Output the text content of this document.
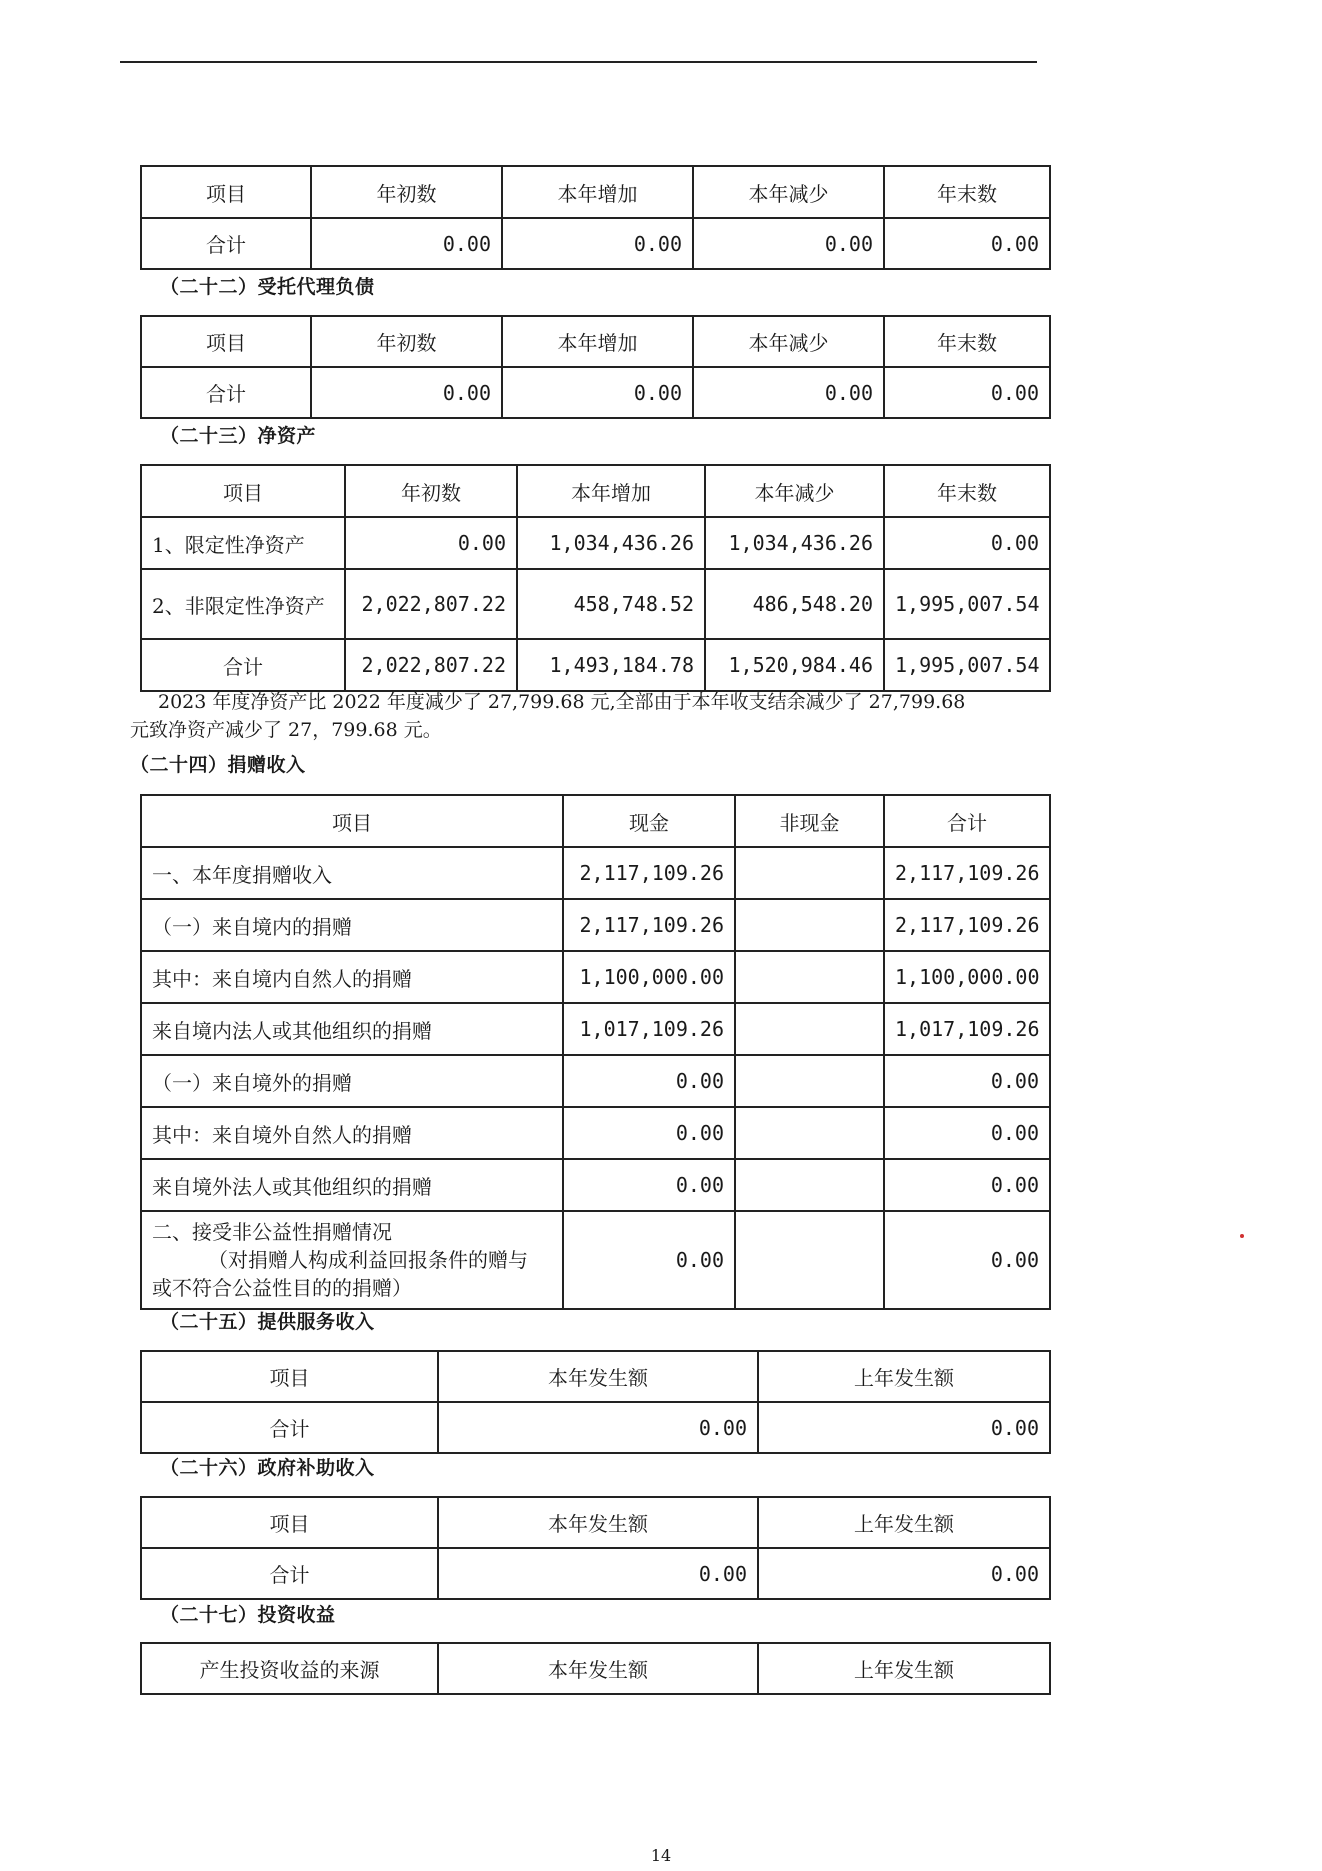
项目	年初数	本年增加	本年减少	年末数
合计	0.00	0.00	0.00	0.00
（二十二）受托代理负债
项目	年初数	本年增加	本年减少	年末数
合计	0.00	0.00	0.00	0.00
（二十三）净资产
项目	年初数	本年增加	本年减少	年末数
1、限定性净资产	0.00	1,034,436.26	1,034,436.26	0.00
2、非限定性净资产	2,022,807.22	458,748.52	486,548.20	1,995,007.54
合计	2,022,807.22	1,493,184.78	1,520,984.46	1,995,007.54
2023 年度净资产比 2022 年度减少了 27,799.68 元,全部由于本年收支结余减少了 27,799.68
元致净资产减少了 27，799.68 元。
（二十四）捐赠收入
项目	现金	非现金	合计
一、本年度捐赠收入	2,117,109.26		2,117,109.26
（一）来自境内的捐赠	2,117,109.26		2,117,109.26
其中：来自境内自然人的捐赠	1,100,000.00		1,100,000.00
来自境内法人或其他组织的捐赠	1,017,109.26		1,017,109.26
（一）来自境外的捐赠	0.00		0.00
其中：来自境外自然人的捐赠	0.00		0.00
来自境外法人或其他组织的捐赠	0.00		0.00

二、接受非公益性捐赠情况
（对捐赠人构成利益回报条件的赠与
或不符合公益性目的的捐赠）	0.00		0.00
（二十五）提供服务收入
项目	本年发生额	上年发生额
合计	0.00	0.00
（二十六）政府补助收入
项目	本年发生额	上年发生额
合计	0.00	0.00
（二十七）投资收益
产生投资收益的来源	本年发生额	上年发生额
14
